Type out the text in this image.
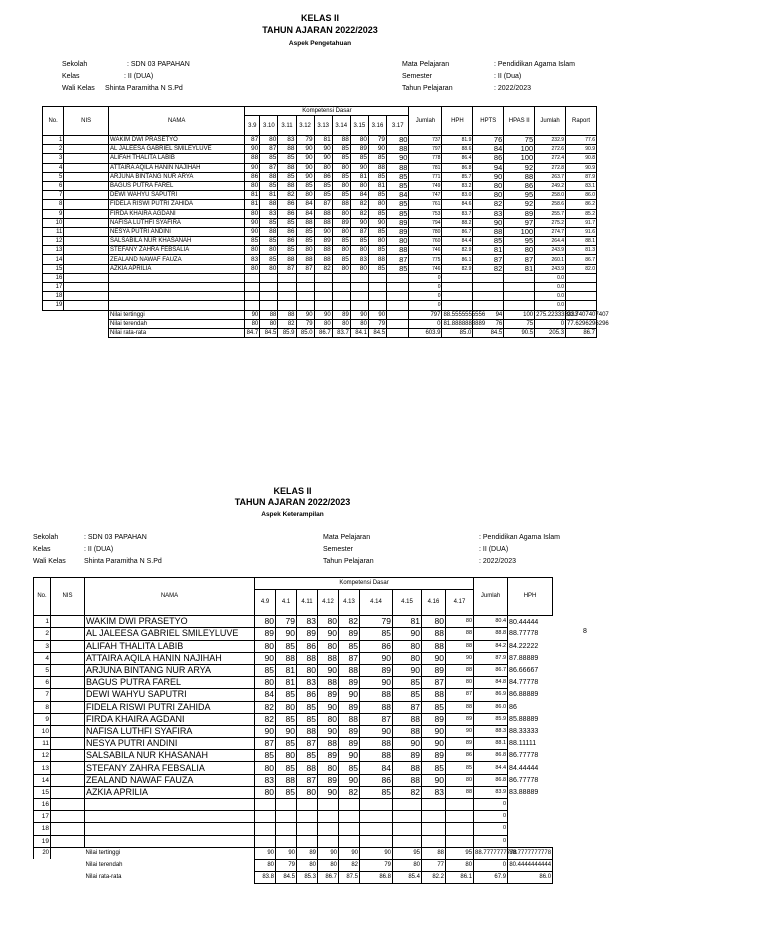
KELAS II
TAHUN AJARAN 2022/2023
Aspek Pengetahuan
Sekolah	: SDN 03 PAPAHAN
Kelas	: II (DUA)
Wali Kelas Shinta Paramitha N S.Pd
Mata Pelajaran	: Pendidikan Agama Islam
Semester	: II (Dua)
Tahun Pelajaran	: 2022/2023
No.	NIS	NAMA	Kompetensi Dasar									Jumlah	HPH	HPTS	HPAS II	Jumlah	Raport
			3.9	3.10	3.11	3.12	3.13	3.14	3.15	3.16	3.17						
1		WAKIM DWI PRASETYO	87	80	83	79	81	88	80	79	80	737	81.9	76	75	232.9	77.6
2		AL JALEESA GABRIEL SMILEYLUVE	90	87	88	90	90	85	89	90	88	797	88.6	84	100	272.6	90.9
3		ALIFAH THALITA LABIB	88	85	85	90	90	85	85	85	90	778	86.4	86	100	272.4	90.8
4		ATTAIRA AQILA HANIN NAJIHAH	90	87	88	90	80	80	90	88	88	781	86.8	94	92	272.8	90.9
5		ARJUNA BINTANG NUR ARYA	86	88	85	90	86	85	81	85	85	771	85.7	90	88	263.7	87.9
6		BAGUS PUTRA FAREL	80	85	88	85	85	80	80	81	85	749	83.2	80	86	249.2	83.1
7		DEWI WAHYU SAPUTRI	81	81	82	80	85	85	84	85	84	747	83.0	80	95	258.0	86.0
8		FIDELA RISWI PUTRI ZAHIDA	81	88	86	84	87	88	82	80	85	761	84.6	82	92	258.6	86.2
9		FIRDA KHAIRA AGDANI	80	83	86	84	88	80	82	85	85	753	83.7	83	89	255.7	85.2
10		NAFISA LUTHFI SYAFIRA	90	85	85	88	88	89	90	90	89	794	88.2	90	97	275.2	91.7
11		NESYA PUTRI ANDINI	90	88	86	85	90	80	87	85	89	780	86.7	88	100	274.7	91.6
12		SALSABILA NUR KHASANAH	85	85	86	85	89	85	85	80	80	760	84.4	85	95	264.4	88.1
13		STEFANY ZAHRA FEBSALIA	80	80	85	80	88	80	80	85	88	746	82.9	81	80	243.9	81.3
14		ZEALAND NAWAF FAUZA	83	85	88	88	88	85	83	88	87	775	86.1	87	87	260.1	86.7
15		AZKIA APRILIA	80	80	87	87	82	80	80	85	85	746	82.9	82	81	243.9	82.0
16												0				0.0	
17												0				0.0	
18												0				0.0	
19												0				0.0	
		Nilai tertinggi	90	88	88	90	90	89	90	90		797	88.5555555556	94	100	275.223333333	91.7407407407
		Nilai terendah	80	80	82	79	80	80	80	79		0	81.8888888889	76	75	0	77.6296296296
		Nilai rata-rata	84.7	84.5	85.9	85.0	86.7	83.7	84.1	84.5		603.9	85.0	84.5	90.5	205.3	86.7
KELAS II
TAHUN AJARAN 2022/2023
Aspek Keterampilan
Sekolah	: SDN 03 PAPAHAN
Kelas	: II (DUA)
Wali Kelas	Shinta Paramitha N S.Pd
Mata Pelajaran	: Pendidikan Agama Islam
Semester	: II (DUA)
Tahun Pelajaran	: 2022/2023
8
No.	NIS	NAMA	Kompetensi Dasar									Jumlah	HPH
			4.9	4.1	4.11	4.12	4.13	4.14	4.15	4.16	4.17		
1		WAKIM DWI PRASETYO	80	79	83	80	82	79	81	80	80	80.4	80.44444
2		AL JALEESA GABRIEL SMILEYLUVE	89	90	89	90	89	85	90	88	88	88.8	88.77778
3		ALIFAH THALITA LABIB	80	85	86	80	85	86	80	88	88	84.2	84.22222
4		ATTAIRA AQILA HANIN NAJIHAH	90	88	88	88	87	90	80	90	90	87.9	87.88889
5		ARJUNA BINTANG NUR ARYA	85	81	80	90	88	89	90	89	88	86.7	86.66667
6		BAGUS PUTRA FAREL	80	81	83	88	89	90	85	87	80	84.8	84.77778
7		DEWI WAHYU SAPUTRI	84	85	86	89	90	88	85	88	87	86.9	86.88889
8		FIDELA RISWI PUTRI ZAHIDA	82	80	85	90	89	88	87	85	88	86.0	86
9		FIRDA KHAIRA AGDANI	82	85	85	80	88	87	88	89	89	85.9	85.88889
10		NAFISA LUTHFI SYAFIRA	90	90	88	90	89	90	88	90	90	88.3	88.33333
11		NESYA PUTRI ANDINI	87	85	87	88	89	88	90	90	89	88.1	88.11111
12		SALSABILA NUR KHASANAH	85	80	85	89	90	88	89	89	86	86.8	86.77778
13		STEFANY ZAHRA FEBSALIA	80	85	88	80	85	84	88	85	85	84.4	84.44444
14		ZEALAND NAWAF FAUZA	83	88	87	89	90	86	88	90	80	86.8	86.77778
15		AZKIA APRILIA	80	85	80	90	82	85	82	83	88	83.9	83.88889
16												0	
17												0	
18												0	
19												0	
20		Nilai tertinggi	90	90	89	90	90	90	95	88	95	88.7777777778	88.7777777778
		Nilai terendah	80	79	80	80	82	79	80	77	80	0	80.4444444444
		Nilai rata-rata	83.8	84.5	85.3	86.7	87.5	86.8	85.4	82.2	86.1	67.9	86.0
